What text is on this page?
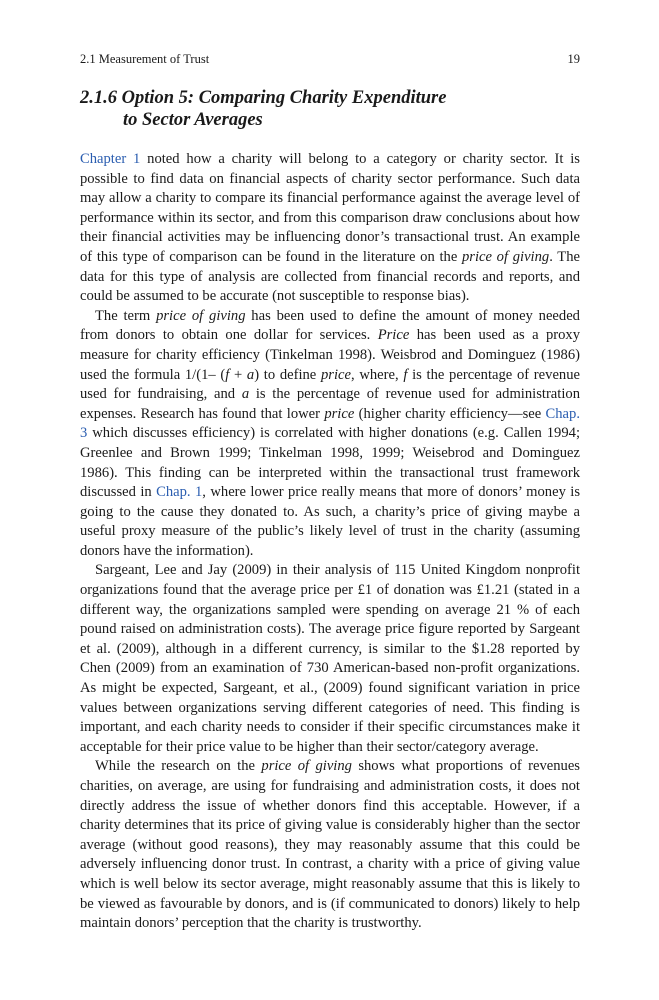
2.1 Measurement of Trust	19
2.1.6 Option 5: Comparing Charity Expenditure
to Sector Averages

Chapter 1 noted how a charity will belong to a category or charity sector. It is possible to find data on financial aspects of charity sector performance. Such data may allow a charity to compare its financial performance against the average level of performance within its sector, and from this comparison draw conclusions about how their financial activities may be influencing donor’s transactional trust. An example of this type of comparison can be found in the literature on the price of giving. The data for this type of analysis are collected from financial records and reports, and could be assumed to be accurate (not susceptible to response bias).

The term price of giving has been used to define the amount of money needed from donors to obtain one dollar for services. Price has been used as a proxy measure for charity efficiency (Tinkelman 1998). Weisbrod and Dominguez (1986) used the formula 1/(1– (f + a) to define price, where, f is the percentage of revenue used for fundraising, and a is the percentage of revenue used for administration expenses. Research has found that lower price (higher charity efficiency—see Chap. 3 which discusses efficiency) is correlated with higher donations (e.g. Callen 1994; Greenlee and Brown 1999; Tinkelman 1998, 1999; Weisebrod and Dominguez 1986). This finding can be interpreted within the transactional trust framework discussed in Chap. 1, where lower price really means that more of donors’ money is going to the cause they donated to. As such, a charity’s price of giving maybe a useful proxy measure of the public’s likely level of trust in the charity (assuming donors have the information).

Sargeant, Lee and Jay (2009) in their analysis of 115 United Kingdom nonprofit organizations found that the average price per £1 of donation was £1.21 (stated in a different way, the organizations sampled were spending on average 21 % of each pound raised on administration costs). The average price figure reported by Sargeant et al. (2009), although in a different currency, is similar to the $1.28 reported by Chen (2009) from an examination of 730 American-based non-profit organizations. As might be expected, Sargeant, et al., (2009) found significant variation in price values between organizations serving different categories of need. This finding is important, and each charity needs to consider if their specific circumstances make it acceptable for their price value to be higher than their sector/category average.

While the research on the price of giving shows what proportions of revenues charities, on average, are using for fundraising and administration costs, it does not directly address the issue of whether donors find this acceptable. However, if a charity determines that its price of giving value is considerably higher than the sector average (without good reasons), they may reasonably assume that this could be adversely influencing donor trust. In contrast, a charity with a price of giving value which is well below its sector average, might reasonably assume that this is likely to be viewed as favourable by donors, and is (if communicated to donors) likely to help maintain donors’ perception that the charity is trustworthy.
